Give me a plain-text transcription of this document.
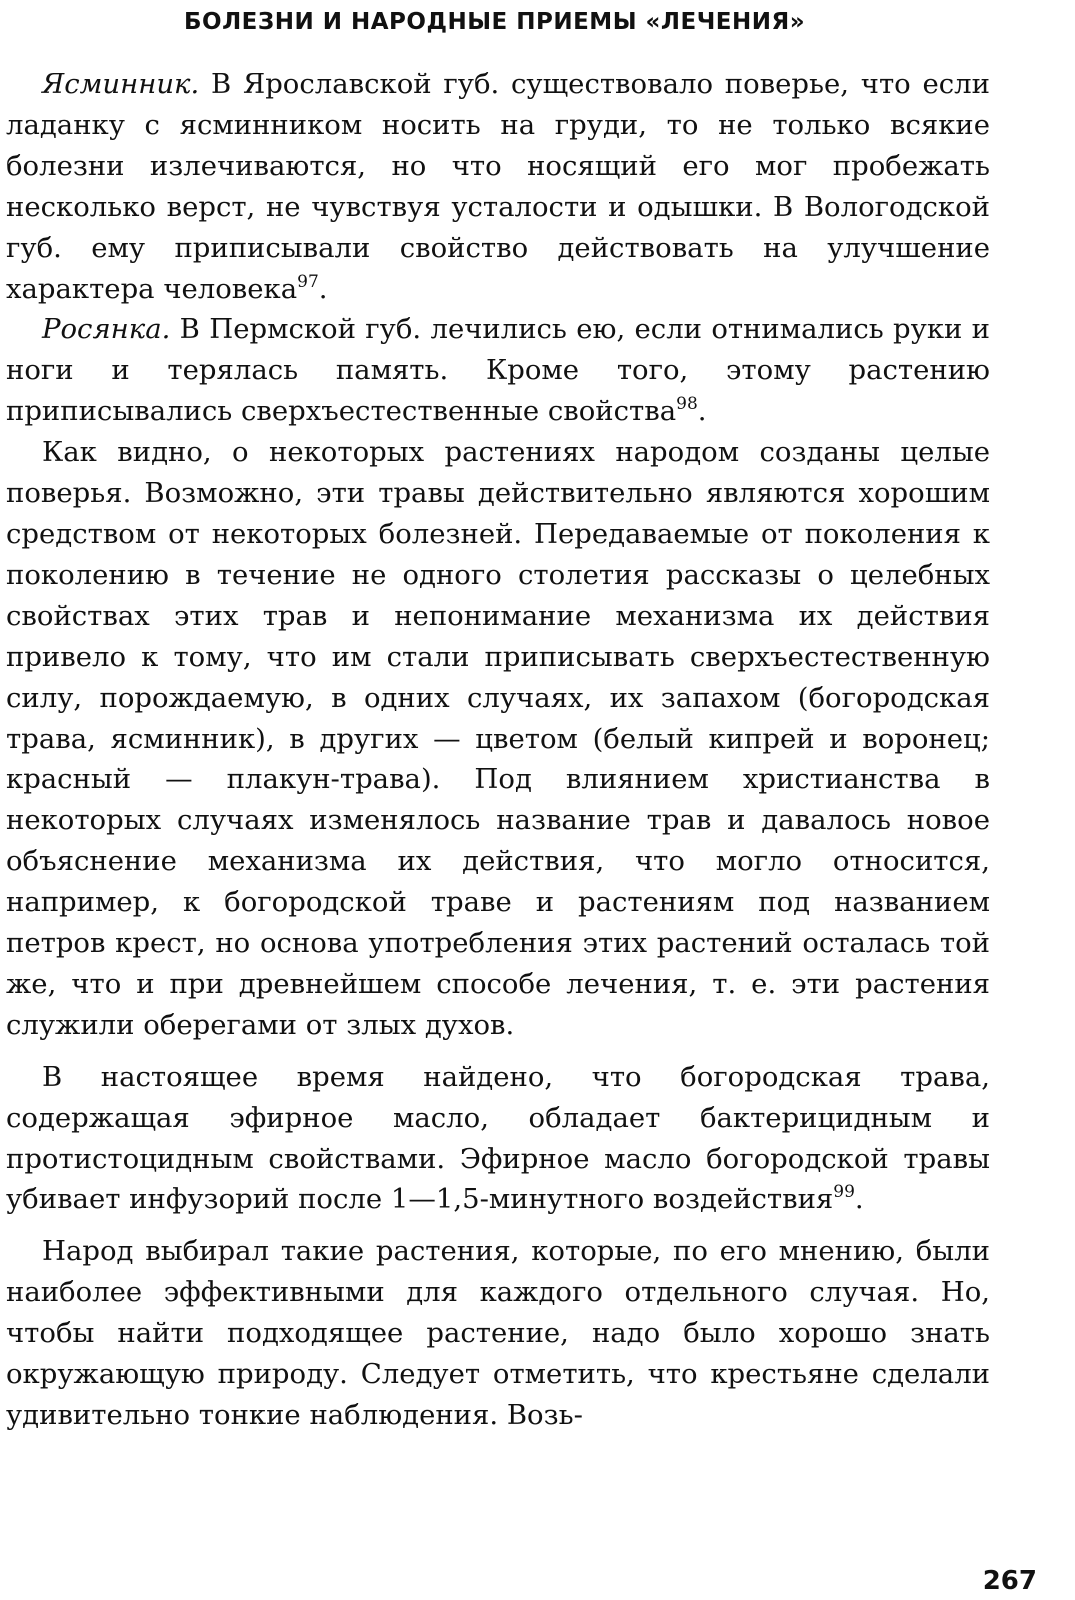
БОЛЕЗНИ И НАРОДНЫЕ ПРИЕМЫ «ЛЕЧЕНИЯ»

Ясминник. В Ярославской губ. существовало поверье, что если ладанку с ясминником носить на груди, то не только всякие болезни излечиваются, но что носящий его мог пробежать несколько верст, не чувствуя усталости и одышки. В Вологодской губ. ему приписывали свойство действовать на улучшение характера человека$^{97}$.

Росянка. В Пермской губ. лечились ею, если отнимались руки и ноги и терялась память. Кроме того, этому растению приписывались сверхъестественные свойства$^{98}$.

Как видно, о некоторых растениях народом созданы целые поверья. Возможно, эти травы действительно являются хорошим средством от некоторых болезней. Передаваемые от поколения к поколению в течение не одного столетия рассказы о целебных свойствах этих трав и непонимание механизма их действия привело к тому, что им стали приписывать сверхъестественную силу, порождаемую, в одних случаях, их запахом (богородская трава, ясминник), в других — цветом (белый кипрей и воронец; красный — плакун-трава). Под влиянием христианства в некоторых случаях изменялось название трав и давалось новое объяснение механизма их действия, что могло относится, например, к богородской траве и растениям под названием петров крест, но основа употребления этих растений осталась той же, что и при древнейшем способе лечения, т. е. эти растения служили оберегами от злых духов.

В настоящее время найдено, что богородская трава, содержащая эфирное масло, обладает бактерицидным и протистоцидным свойствами. Эфирное масло богородской травы убивает инфузорий после 1—1,5-минутного воздействия$^{99}$.

Народ выбирал такие растения, которые, по его мнению, были наиболее эффективными для каждого отдельного случая. Но, чтобы найти подходящее растение, надо было хорошо знать окружающую природу. Следует отметить, что крестьяне сделали удивительно тонкие наблюдения. Возь-

267
